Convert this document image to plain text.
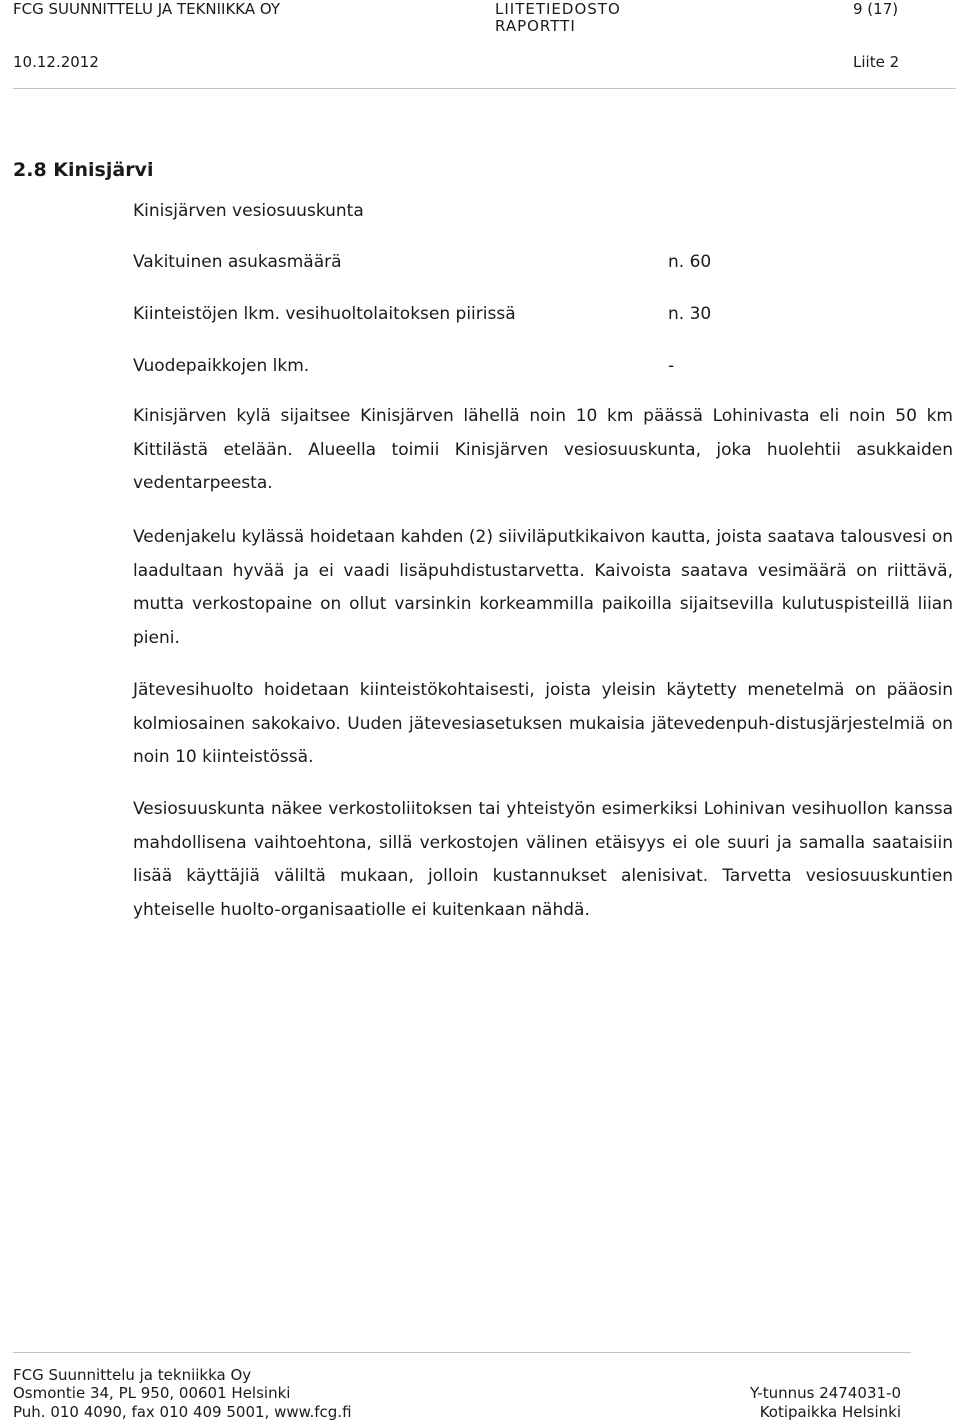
FCG SUUNNITTELU JA TEKNIIKKA OY	LIITETIEDOSTO
RAPORTTI
9 (17)
10.12.2012	Liite 2
2.8 Kinisjärvi
Kinisjärven vesiosuuskunta
Vakituinen asukasmäärä	n. 60
Kiinteistöjen lkm. vesihuoltolaitoksen piirissä	n. 30
Vuodepaikkojen lkm.	-

Kinisjärven kylä sijaitsee Kinisjärven lähellä noin 10 km päässä Lohinivasta eli noin 50 km Kittilästä etelään. Alueella toimii Kinisjärven vesiosuuskunta, joka huolehtii asukkaiden vedentarpeesta.

Vedenjakelu kylässä hoidetaan kahden (2) siiviläputkikaivon kautta, joista saatava talousvesi on laadultaan hyvää ja ei vaadi lisäpuhdistustarvetta. Kaivoista saatava vesimäärä on riittävä, mutta verkostopaine on ollut varsinkin korkeammilla paikoilla sijaitsevilla kulutuspisteillä liian pieni.

Jätevesihuolto hoidetaan kiinteistökohtaisesti, joista yleisin käytetty menetelmä on pääosin kolmiosainen sakokaivo. Uuden jätevesiasetuksen mukaisia jätevedenpuh-distusjärjestelmiä on noin 10 kiinteistössä.

Vesiosuuskunta näkee verkostoliitoksen tai yhteistyön esimerkiksi Lohinivan vesihuollon kanssa mahdollisena vaihtoehtona, sillä verkostojen välinen etäisyys ei ole suuri ja samalla saataisiin lisää käyttäjiä väliltä mukaan, jolloin kustannukset alenisivat. Tarvetta vesiosuuskuntien yhteiselle huolto-organisaatiolle ei kuitenkaan nähdä.

FCG Suunnittelu ja tekniikka Oy
Osmontie 34, PL 950, 00601 Helsinki
Puh. 010 4090, fax 010 409 5001, www.fcg.fi
Y-tunnus 2474031-0
Kotipaikka Helsinki
